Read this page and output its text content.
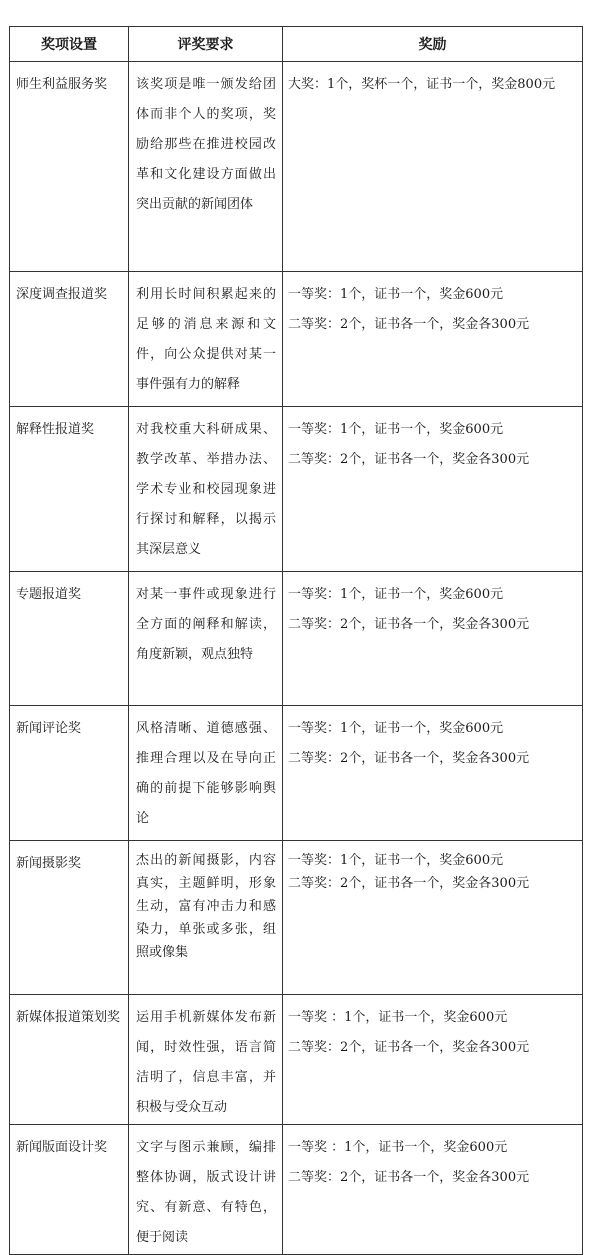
奖项设置	评奖要求	奖励
师生利益服务奖	该奖项是唯一颁发给团体而非个人的奖项，奖励给那些在推进校园改革和文化建设方面做出突出贡献的新闻团体	大奖：1个，奖杯一个，证书一个，奖金800元
深度调查报道奖	利用长时间积累起来的足够的消息来源和文件，向公众提供对某一事件强有力的解释	一等奖：1个，证书一个，奖金600元
二等奖：2个，证书各一个，奖金各300元

解释性报道奖	对我校重大科研成果、教学改革、举措办法、学术专业和校园现象进行探讨和解释，以揭示其深层意义	一等奖：1个，证书一个，奖金600元
二等奖：2个，证书各一个，奖金各300元

专题报道奖	对某一事件或现象进行全方面的阐释和解读，角度新颖，观点独特	一等奖：1个，证书一个，奖金600元
二等奖：2个，证书各一个，奖金各300元

新闻评论奖	风格清晰、道德感强、推理合理以及在导向正确的前提下能够影响舆论	一等奖：1个，证书一个，奖金600元
二等奖：2个，证书各一个，奖金各300元

新闻摄影奖	杰出的新闻摄影，内容真实，主题鲜明，形象生动，富有冲击力和感染力，单张或多张，组照或像集	一等奖：1个，证书一个，奖金600元
二等奖：2个，证书各一个，奖金各300元

新媒体报道策划奖	运用手机新媒体发布新闻，时效性强，语言简洁明了，信息丰富，并积极与受众互动	一等奖 ：1个，证书一个，奖金600元
二等奖：2个，证书各一个，奖金各300元

新闻版面设计奖	文字与图示兼顾，编排整体协调，版式设计讲究、有新意、有特色，便于阅读	一等奖 ：1个，证书一个，奖金600元
二等奖：2个，证书各一个，奖金各300元
